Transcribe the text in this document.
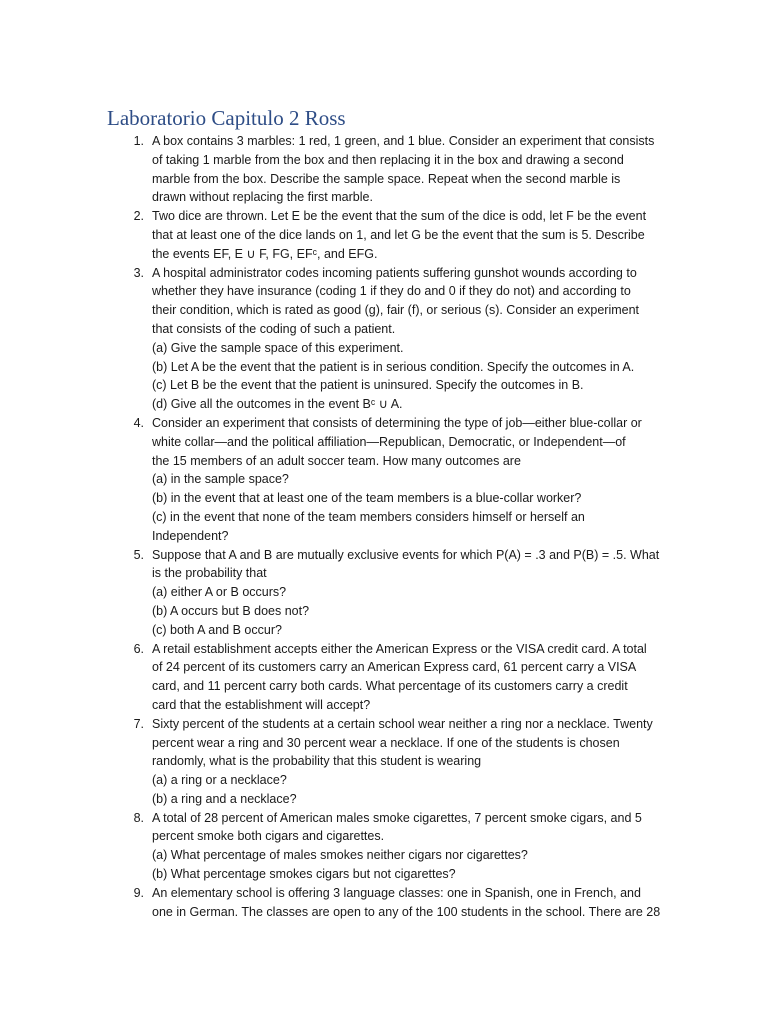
Laboratorio Capitulo 2 Ross
1. A box contains 3 marbles: 1 red, 1 green, and 1 blue. Consider an experiment that consists
of taking 1 marble from the box and then replacing it in the box and drawing a second
marble from the box. Describe the sample space. Repeat when the second marble is
drawn without replacing the first marble.
2. Two dice are thrown. Let E be the event that the sum of the dice is odd, let F be the event
that at least one of the dice lands on 1, and let G be the event that the sum is 5. Describe
the events EF, E ∪ F, FG, EFᶜ, and EFG.
3. A hospital administrator codes incoming patients suffering gunshot wounds according to
whether they have insurance (coding 1 if they do and 0 if they do not) and according to
their condition, which is rated as good (g), fair (f), or serious (s). Consider an experiment
that consists of the coding of such a patient.
(a) Give the sample space of this experiment.
(b) Let A be the event that the patient is in serious condition. Specify the outcomes in A.
(c) Let B be the event that the patient is uninsured. Specify the outcomes in B.
(d) Give all the outcomes in the event Bᶜ ∪ A.
4. Consider an experiment that consists of determining the type of job—either blue-collar or
white collar—and the political affiliation—Republican, Democratic, or Independent—of
the 15 members of an adult soccer team. How many outcomes are
(a) in the sample space?
(b) in the event that at least one of the team members is a blue-collar worker?
(c) in the event that none of the team members considers himself or herself an
Independent?
5. Suppose that A and B are mutually exclusive events for which P(A) = .3 and P(B) = .5. What
is the probability that
(a) either A or B occurs?
(b) A occurs but B does not?
(c) both A and B occur?
6. A retail establishment accepts either the American Express or the VISA credit card. A total
of 24 percent of its customers carry an American Express card, 61 percent carry a VISA
card, and 11 percent carry both cards. What percentage of its customers carry a credit
card that the establishment will accept?
7. Sixty percent of the students at a certain school wear neither a ring nor a necklace. Twenty
percent wear a ring and 30 percent wear a necklace. If one of the students is chosen
randomly, what is the probability that this student is wearing
(a) a ring or a necklace?
(b) a ring and a necklace?
8. A total of 28 percent of American males smoke cigarettes, 7 percent smoke cigars, and 5
percent smoke both cigars and cigarettes.
(a) What percentage of males smokes neither cigars nor cigarettes?
(b) What percentage smokes cigars but not cigarettes?
9. An elementary school is offering 3 language classes: one in Spanish, one in French, and
one in German. The classes are open to any of the 100 students in the school. There are 28
